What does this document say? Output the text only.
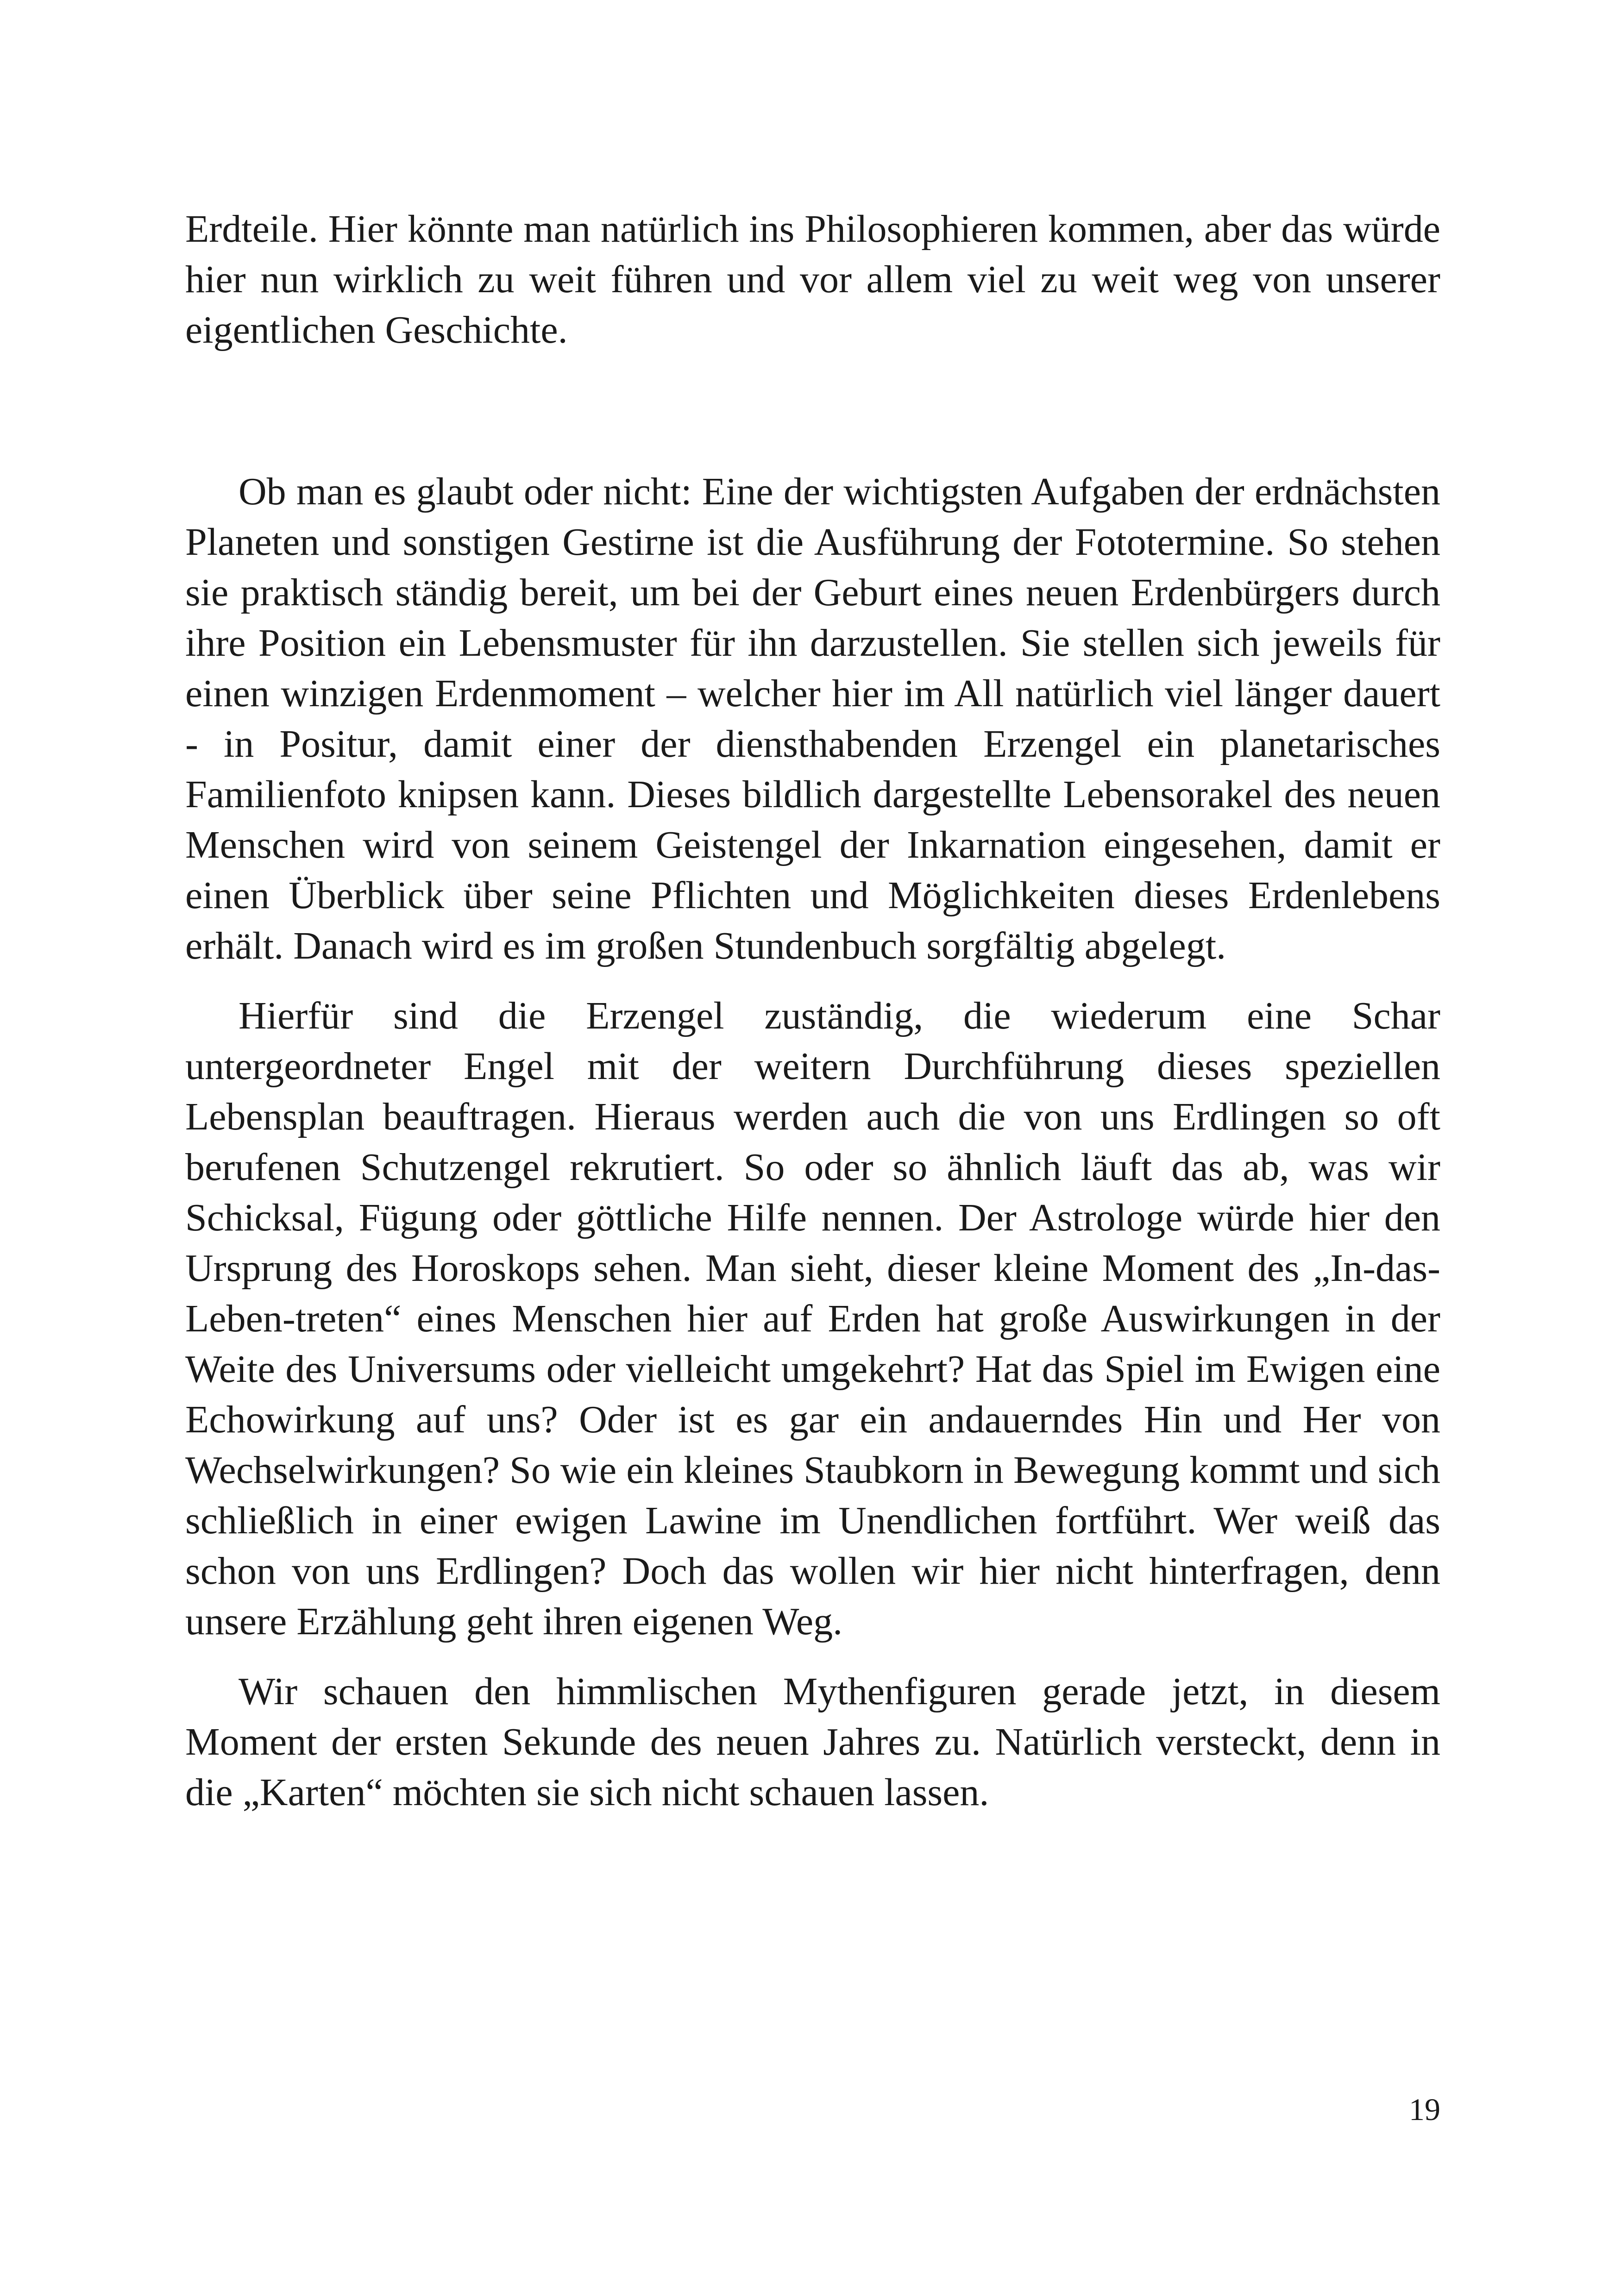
Erdteile. Hier könnte man natürlich ins Philosophieren kommen, aber das würde hier nun wirklich zu weit führen und vor allem viel zu weit weg von unserer eigentlichen Geschichte.

Ob man es glaubt oder nicht: Eine der wichtigsten Aufgaben der erdnächsten Planeten und sonstigen Gestirne ist die Ausführung der Fototermine. So stehen sie praktisch ständig bereit, um bei der Geburt eines neuen Erdenbürgers durch ihre Position ein Lebensmuster für ihn darzustellen. Sie stellen sich jeweils für einen winzigen Erdenmoment – welcher hier im All natürlich viel länger dauert - in Positur, damit einer der diensthabenden Erzengel ein planetarisches Familienfoto knipsen kann. Dieses bildlich dargestellte Lebensorakel des neuen Menschen wird von seinem Geistengel der Inkarnation eingesehen, damit er einen Überblick über seine Pflichten und Möglichkeiten dieses Erdenlebens erhält. Danach wird es im großen Stundenbuch sorgfältig abgelegt.

Hierfür sind die Erzengel zuständig, die wiederum eine Schar untergeordneter Engel mit der weitern Durchführung dieses speziellen Lebensplan beauftragen. Hieraus werden auch die von uns Erdlingen so oft berufenen Schutzengel rekrutiert. So oder so ähnlich läuft das ab, was wir Schicksal, Fügung oder göttliche Hilfe nennen. Der Astrologe würde hier den Ursprung des Horoskops sehen. Man sieht, dieser kleine Moment des „In-das-Leben-treten“ eines Menschen hier auf Erden hat große Auswirkungen in der Weite des Universums oder vielleicht umgekehrt? Hat das Spiel im Ewigen eine Echowirkung auf uns? Oder ist es gar ein andauerndes Hin und Her von Wechselwirkungen? So wie ein kleines Staubkorn in Bewegung kommt und sich schließlich in einer ewigen Lawine im Unendlichen fortführt. Wer weiß das schon von uns Erdlingen? Doch das wollen wir hier nicht hinterfragen, denn unsere Erzählung geht ihren eigenen Weg.

Wir schauen den himmlischen Mythenfiguren gerade jetzt, in diesem Moment der ersten Sekunde des neuen Jahres zu. Natürlich versteckt, denn in die „Karten“ möchten sie sich nicht schauen lassen.

19
